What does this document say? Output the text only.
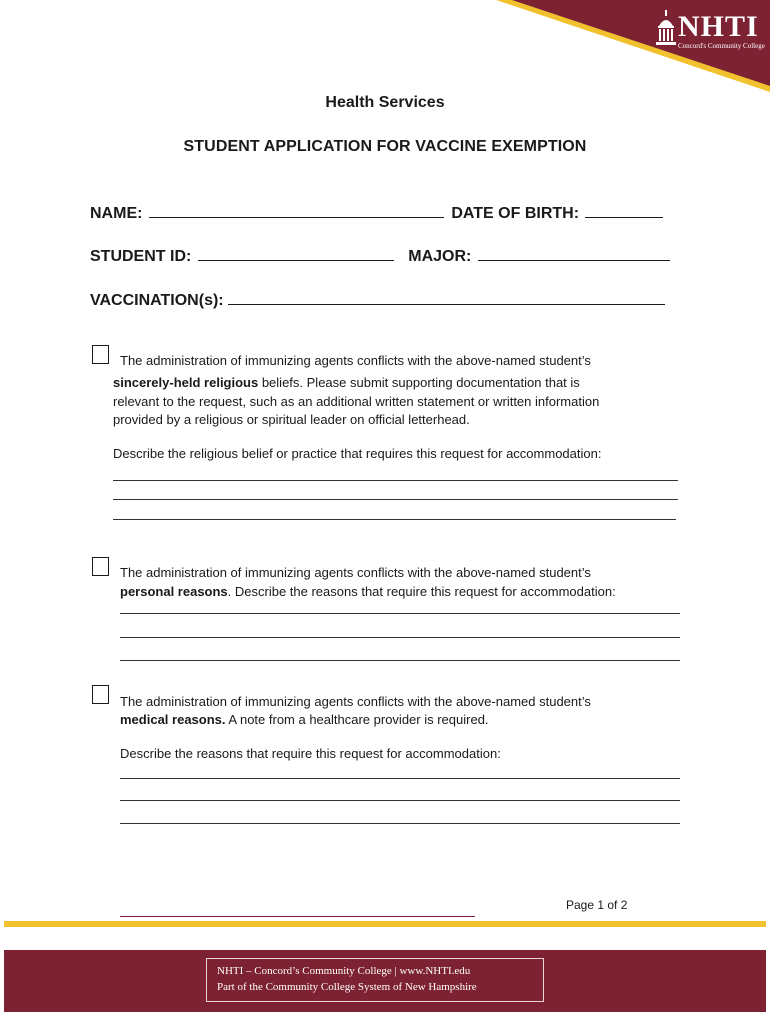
NHTI
Concord's Community College
Health Services
STUDENT APPLICATION FOR VACCINE EXEMPTION
NAME:	DATE OF BIRTH:
STUDENT ID:	MAJOR:
VACCINATION(s):
The administration of immunizing agents conflicts with the above-named student’s
sincerely-held religious beliefs. Please submit supporting documentation that is
relevant to the request, such as an additional written statement or written information
provided by a religious or spiritual leader on official letterhead.
Describe the religious belief or practice that requires this request for accommodation:
The administration of immunizing agents conflicts with the above-named student’s
personal reasons. Describe the reasons that require this request for accommodation:
The administration of immunizing agents conflicts with the above-named student’s
medical reasons. A note from a healthcare provider is required.
Describe the reasons that require this request for accommodation:
Page 1 of 2
NHTI – Concord’s Community College | www.NHTI.edu
Part of the Community College System of New Hampshire
